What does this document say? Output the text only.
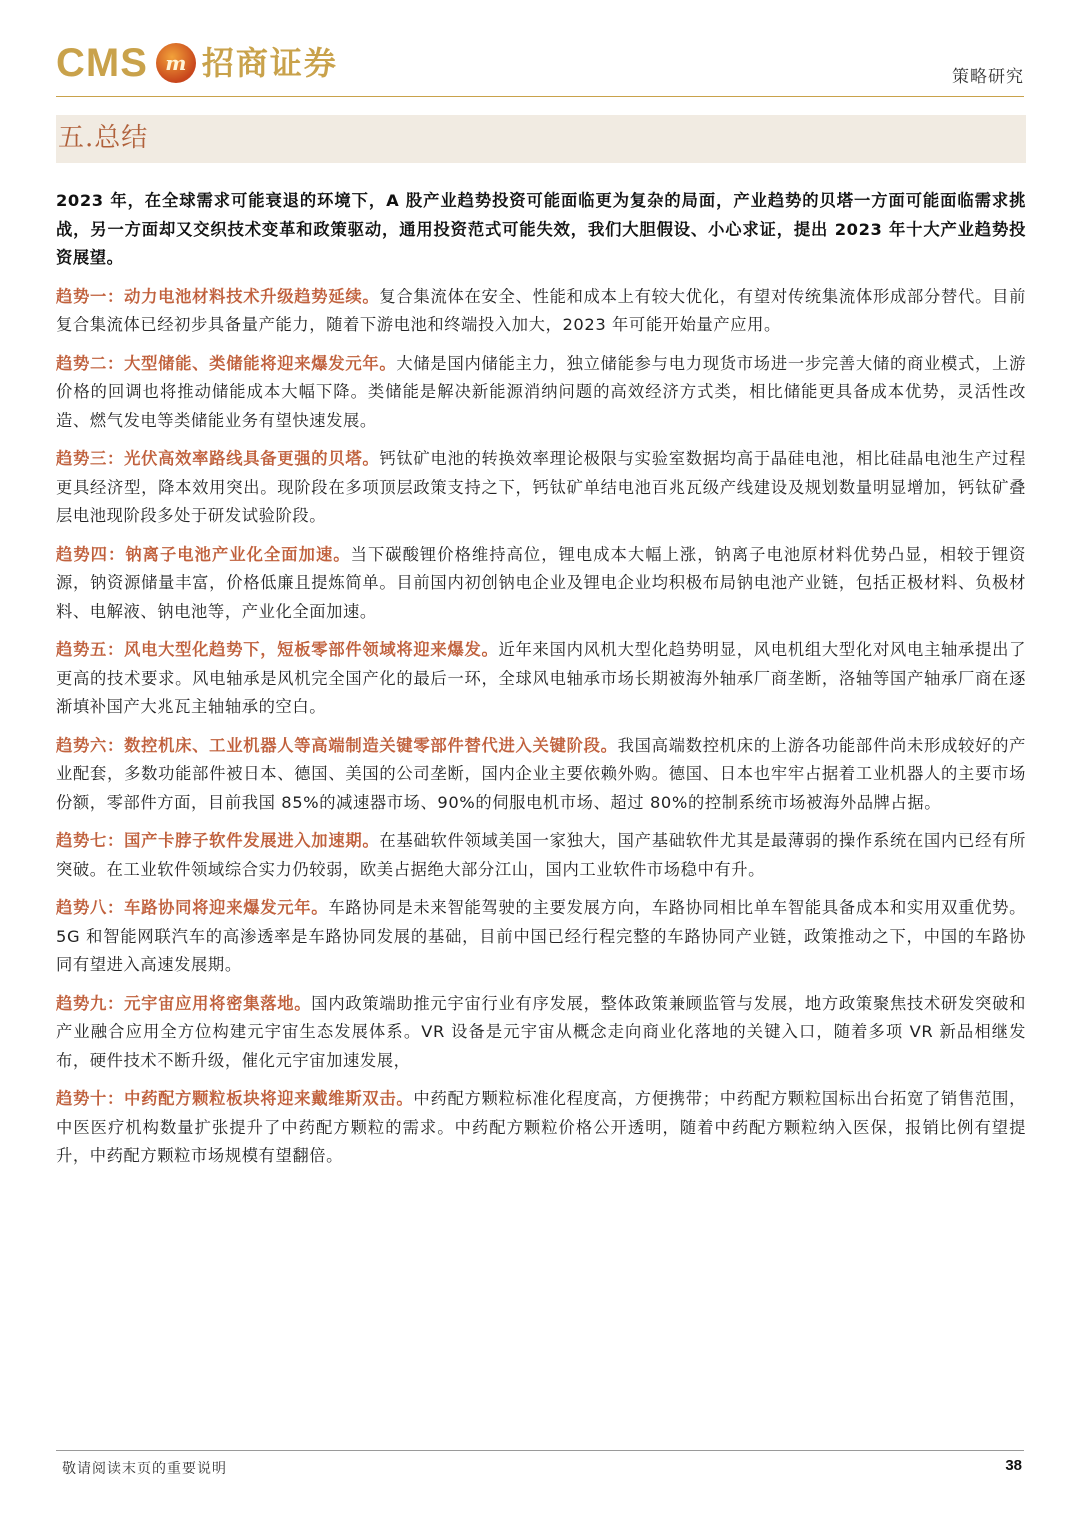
CMS m 招商证券	策略研究
五.总结

2023 年，在全球需求可能衰退的环境下，A 股产业趋势投资可能面临更为复杂的局面，产业趋势的贝塔一方面可能面临需求挑战，另一方面却又交织技术变革和政策驱动，通用投资范式可能失效，我们大胆假设、小心求证，提出 2023 年十大产业趋势投资展望。

趋势一：动力电池材料技术升级趋势延续。复合集流体在安全、性能和成本上有较大优化，有望对传统集流体形成部分替代。目前复合集流体已经初步具备量产能力，随着下游电池和终端投入加大，2023 年可能开始量产应用。

趋势二：大型储能、类储能将迎来爆发元年。大储是国内储能主力，独立储能参与电力现货市场进一步完善大储的商业模式，上游价格的回调也将推动储能成本大幅下降。类储能是解决新能源消纳问题的高效经济方式类，相比储能更具备成本优势，灵活性改造、燃气发电等类储能业务有望快速发展。

趋势三：光伏高效率路线具备更强的贝塔。钙钛矿电池的转换效率理论极限与实验室数据均高于晶硅电池，相比硅晶电池生产过程更具经济型，降本效用突出。现阶段在多项顶层政策支持之下，钙钛矿单结电池百兆瓦级产线建设及规划数量明显增加，钙钛矿叠层电池现阶段多处于研发试验阶段。

趋势四：钠离子电池产业化全面加速。当下碳酸锂价格维持高位，锂电成本大幅上涨，钠离子电池原材料优势凸显，相较于锂资源，钠资源储量丰富，价格低廉且提炼简单。目前国内初创钠电企业及锂电企业均积极布局钠电池产业链，包括正极材料、负极材料、电解液、钠电池等，产业化全面加速。

趋势五：风电大型化趋势下，短板零部件领域将迎来爆发。近年来国内风机大型化趋势明显，风电机组大型化对风电主轴承提出了更高的技术要求。风电轴承是风机完全国产化的最后一环，全球风电轴承市场长期被海外轴承厂商垄断，洛轴等国产轴承厂商在逐渐填补国产大兆瓦主轴轴承的空白。

趋势六：数控机床、工业机器人等高端制造关键零部件替代进入关键阶段。我国高端数控机床的上游各功能部件尚未形成较好的产业配套，多数功能部件被日本、德国、美国的公司垄断，国内企业主要依赖外购。德国、日本也牢牢占据着工业机器人的主要市场份额，零部件方面，目前我国 85%的减速器市场、90%的伺服电机市场、超过 80%的控制系统市场被海外品牌占据。

趋势七：国产卡脖子软件发展进入加速期。在基础软件领域美国一家独大，国产基础软件尤其是最薄弱的操作系统在国内已经有所突破。在工业软件领域综合实力仍较弱，欧美占据绝大部分江山，国内工业软件市场稳中有升。

趋势八：车路协同将迎来爆发元年。车路协同是未来智能驾驶的主要发展方向，车路协同相比单车智能具备成本和实用双重优势。5G 和智能网联汽车的高渗透率是车路协同发展的基础，目前中国已经行程完整的车路协同产业链，政策推动之下，中国的车路协同有望进入高速发展期。

趋势九：元宇宙应用将密集落地。国内政策端助推元宇宙行业有序发展，整体政策兼顾监管与发展，地方政策聚焦技术研发突破和产业融合应用全方位构建元宇宙生态发展体系。VR 设备是元宇宙从概念走向商业化落地的关键入口，随着多项 VR 新品相继发布，硬件技术不断升级，催化元宇宙加速发展，

趋势十：中药配方颗粒板块将迎来戴维斯双击。中药配方颗粒标准化程度高，方便携带；中药配方颗粒国标出台拓宽了销售范围，中医医疗机构数量扩张提升了中药配方颗粒的需求。中药配方颗粒价格公开透明，随着中药配方颗粒纳入医保，报销比例有望提升，中药配方颗粒市场规模有望翻倍。

敬请阅读末页的重要说明	38
